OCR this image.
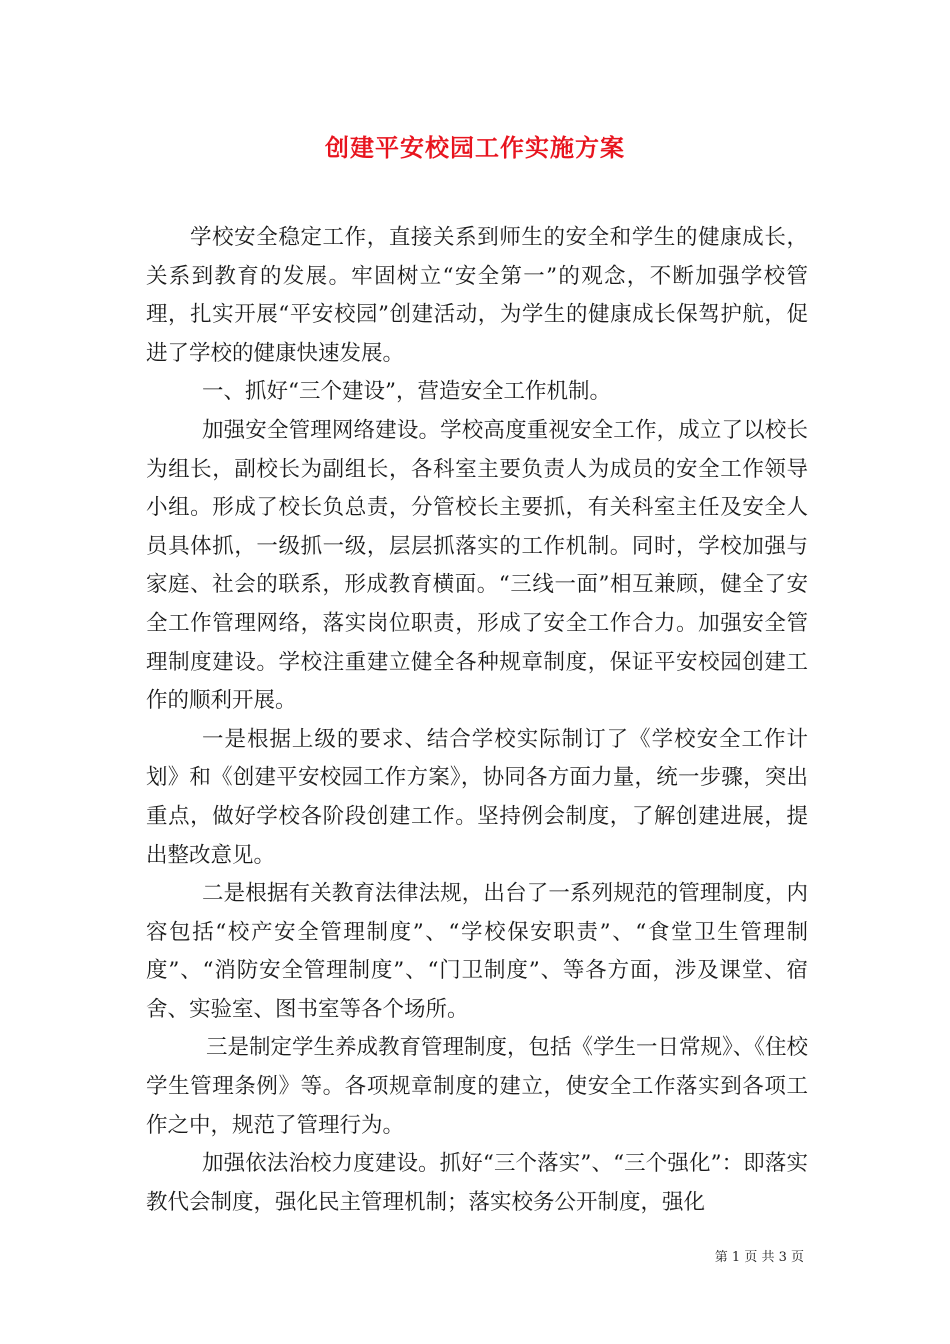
创建平安校园工作实施方案

学校安全稳定工作，直接关系到师生的安全和学生的健康成长，关系到教育的发展。牢固树立“安全第一”的观念，不断加强学校管理，扎实开展“平安校园”创建活动，为学生的健康成长保驾护航，促进了学校的健康快速发展。

一、抓好“三个建设”，营造安全工作机制。

加强安全管理网络建设。学校高度重视安全工作，成立了以校长为组长，副校长为副组长，各科室主要负责人为成员的安全工作领导小组。形成了校长负总责，分管校长主要抓，有关科室主任及安全人员具体抓，一级抓一级，层层抓落实的工作机制。同时，学校加强与家庭、社会的联系，形成教育横面。“三线一面”相互兼顾，健全了安全工作管理网络，落实岗位职责，形成了安全工作合力。加强安全管理制度建设。学校注重建立健全各种规章制度，保证平安校园创建工作的顺利开展。

一是根据上级的要求、结合学校实际制订了《学校安全工作计划》和《创建平安校园工作方案》，协同各方面力量，统一步骤，突出重点，做好学校各阶段创建工作。坚持例会制度，了解创建进展，提出整改意见。

二是根据有关教育法律法规，出台了一系列规范的管理制度，内容包括“校产安全管理制度”、“学校保安职责”、“食堂卫生管理制度”、“消防安全管理制度”、“门卫制度”、等各方面，涉及课堂、宿舍、实验室、图书室等各个场所。

三是制定学生养成教育管理制度，包括《学生一日常规》、《住校学生管理条例》等。各项规章制度的建立，使安全工作落实到各项工作之中，规范了管理行为。

加强依法治校力度建设。抓好“三个落实”、“三个强化”：即落实教代会制度，强化民主管理机制；落实校务公开制度，强化

第 1 页 共 3 页
